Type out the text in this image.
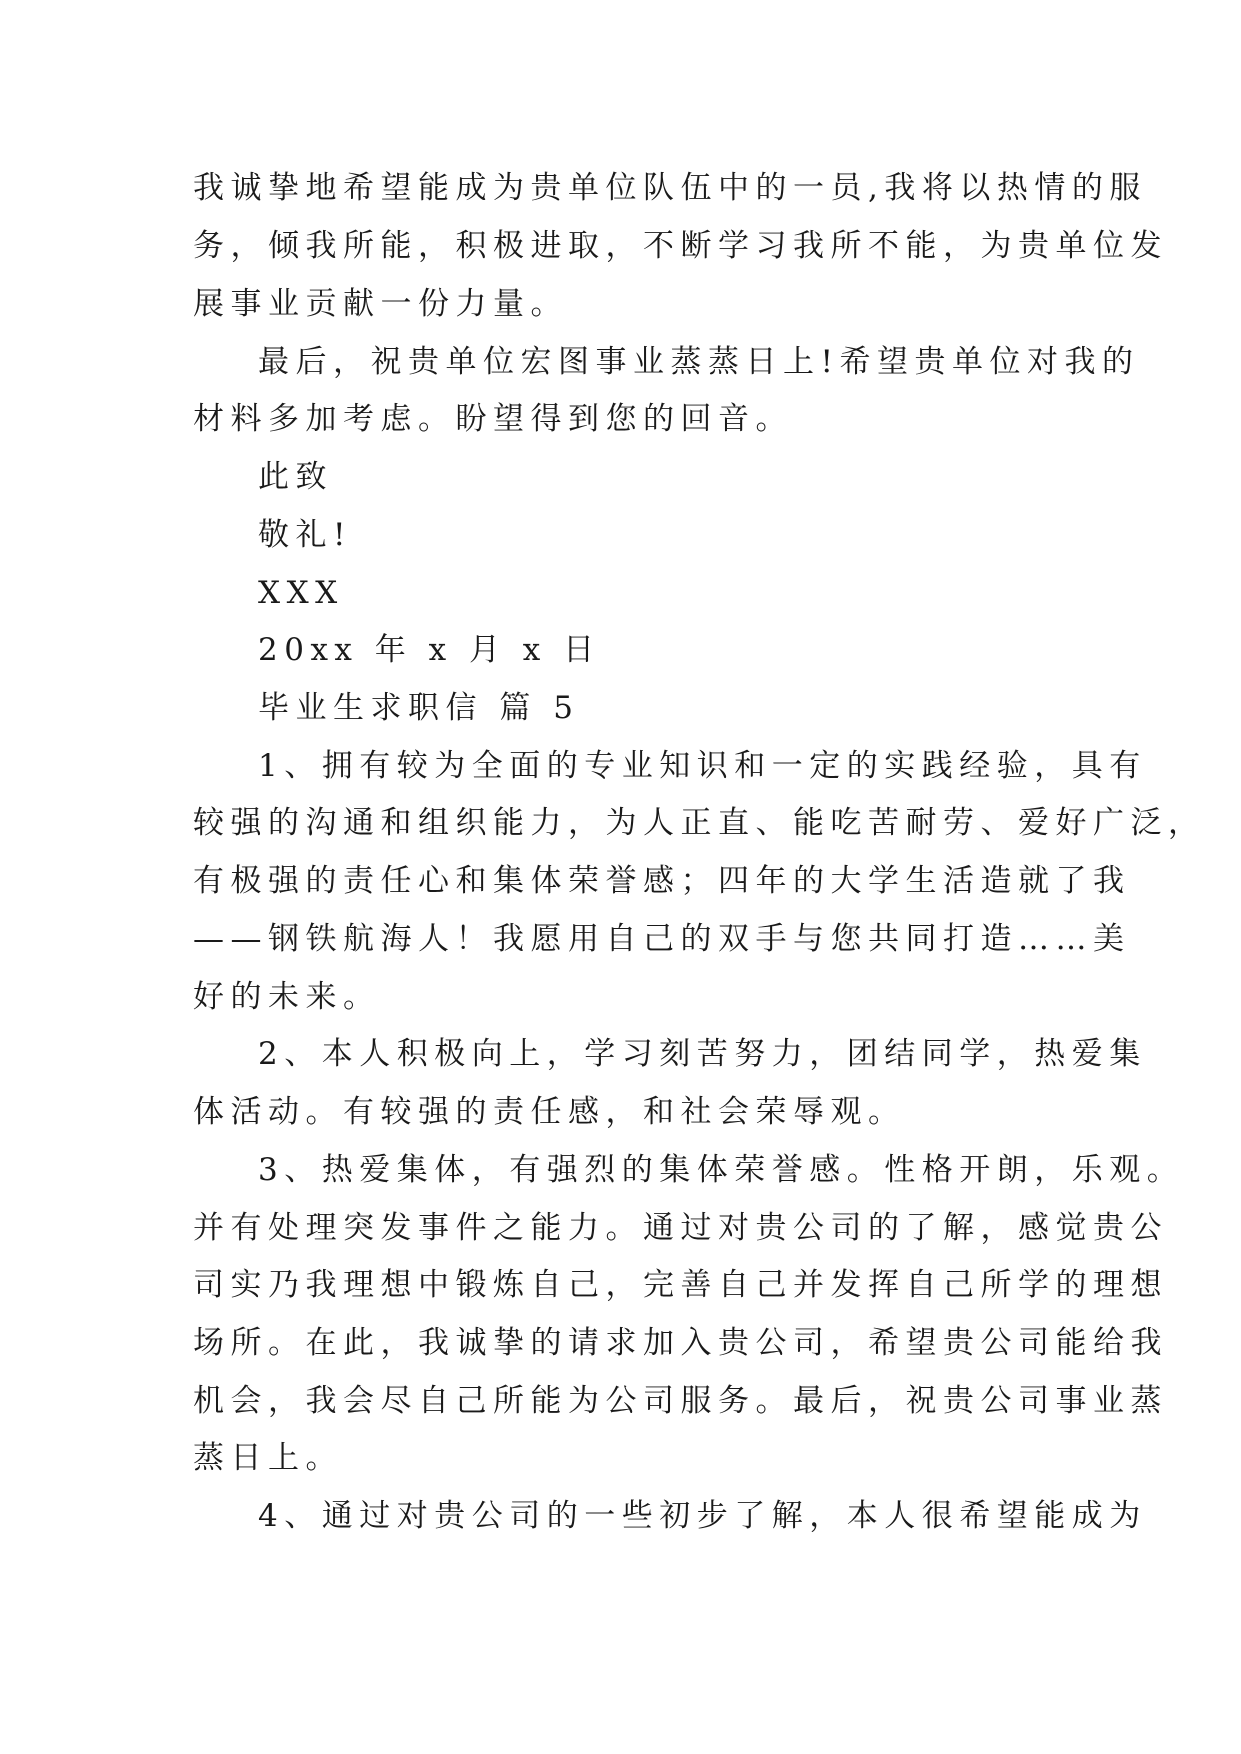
我诚挚地希望能成为贵单位队伍中的一员,我将以热情的服
务，倾我所能，积极进取，不断学习我所不能，为贵单位发
展事业贡献一份力量。
最后，祝贵单位宏图事业蒸蒸日上!希望贵单位对我的
材料多加考虑。盼望得到您的回音。
此致
敬礼!
XXX
20xx 年 x 月 x 日
毕业生求职信 篇 5
1、拥有较为全面的专业知识和一定的实践经验，具有
较强的沟通和组织能力，为人正直、能吃苦耐劳、爱好广泛，
有极强的责任心和集体荣誉感；四年的大学生活造就了我
——钢铁航海人！我愿用自己的双手与您共同打造……美
好的未来。
2、本人积极向上，学习刻苦努力，团结同学，热爱集
体活动。有较强的责任感，和社会荣辱观。
3、热爱集体，有强烈的集体荣誉感。性格开朗，乐观。
并有处理突发事件之能力。通过对贵公司的了解，感觉贵公
司实乃我理想中锻炼自己，完善自己并发挥自己所学的理想
场所。在此，我诚挚的请求加入贵公司，希望贵公司能给我
机会，我会尽自己所能为公司服务。最后，祝贵公司事业蒸
蒸日上。
4、通过对贵公司的一些初步了解，本人很希望能成为
